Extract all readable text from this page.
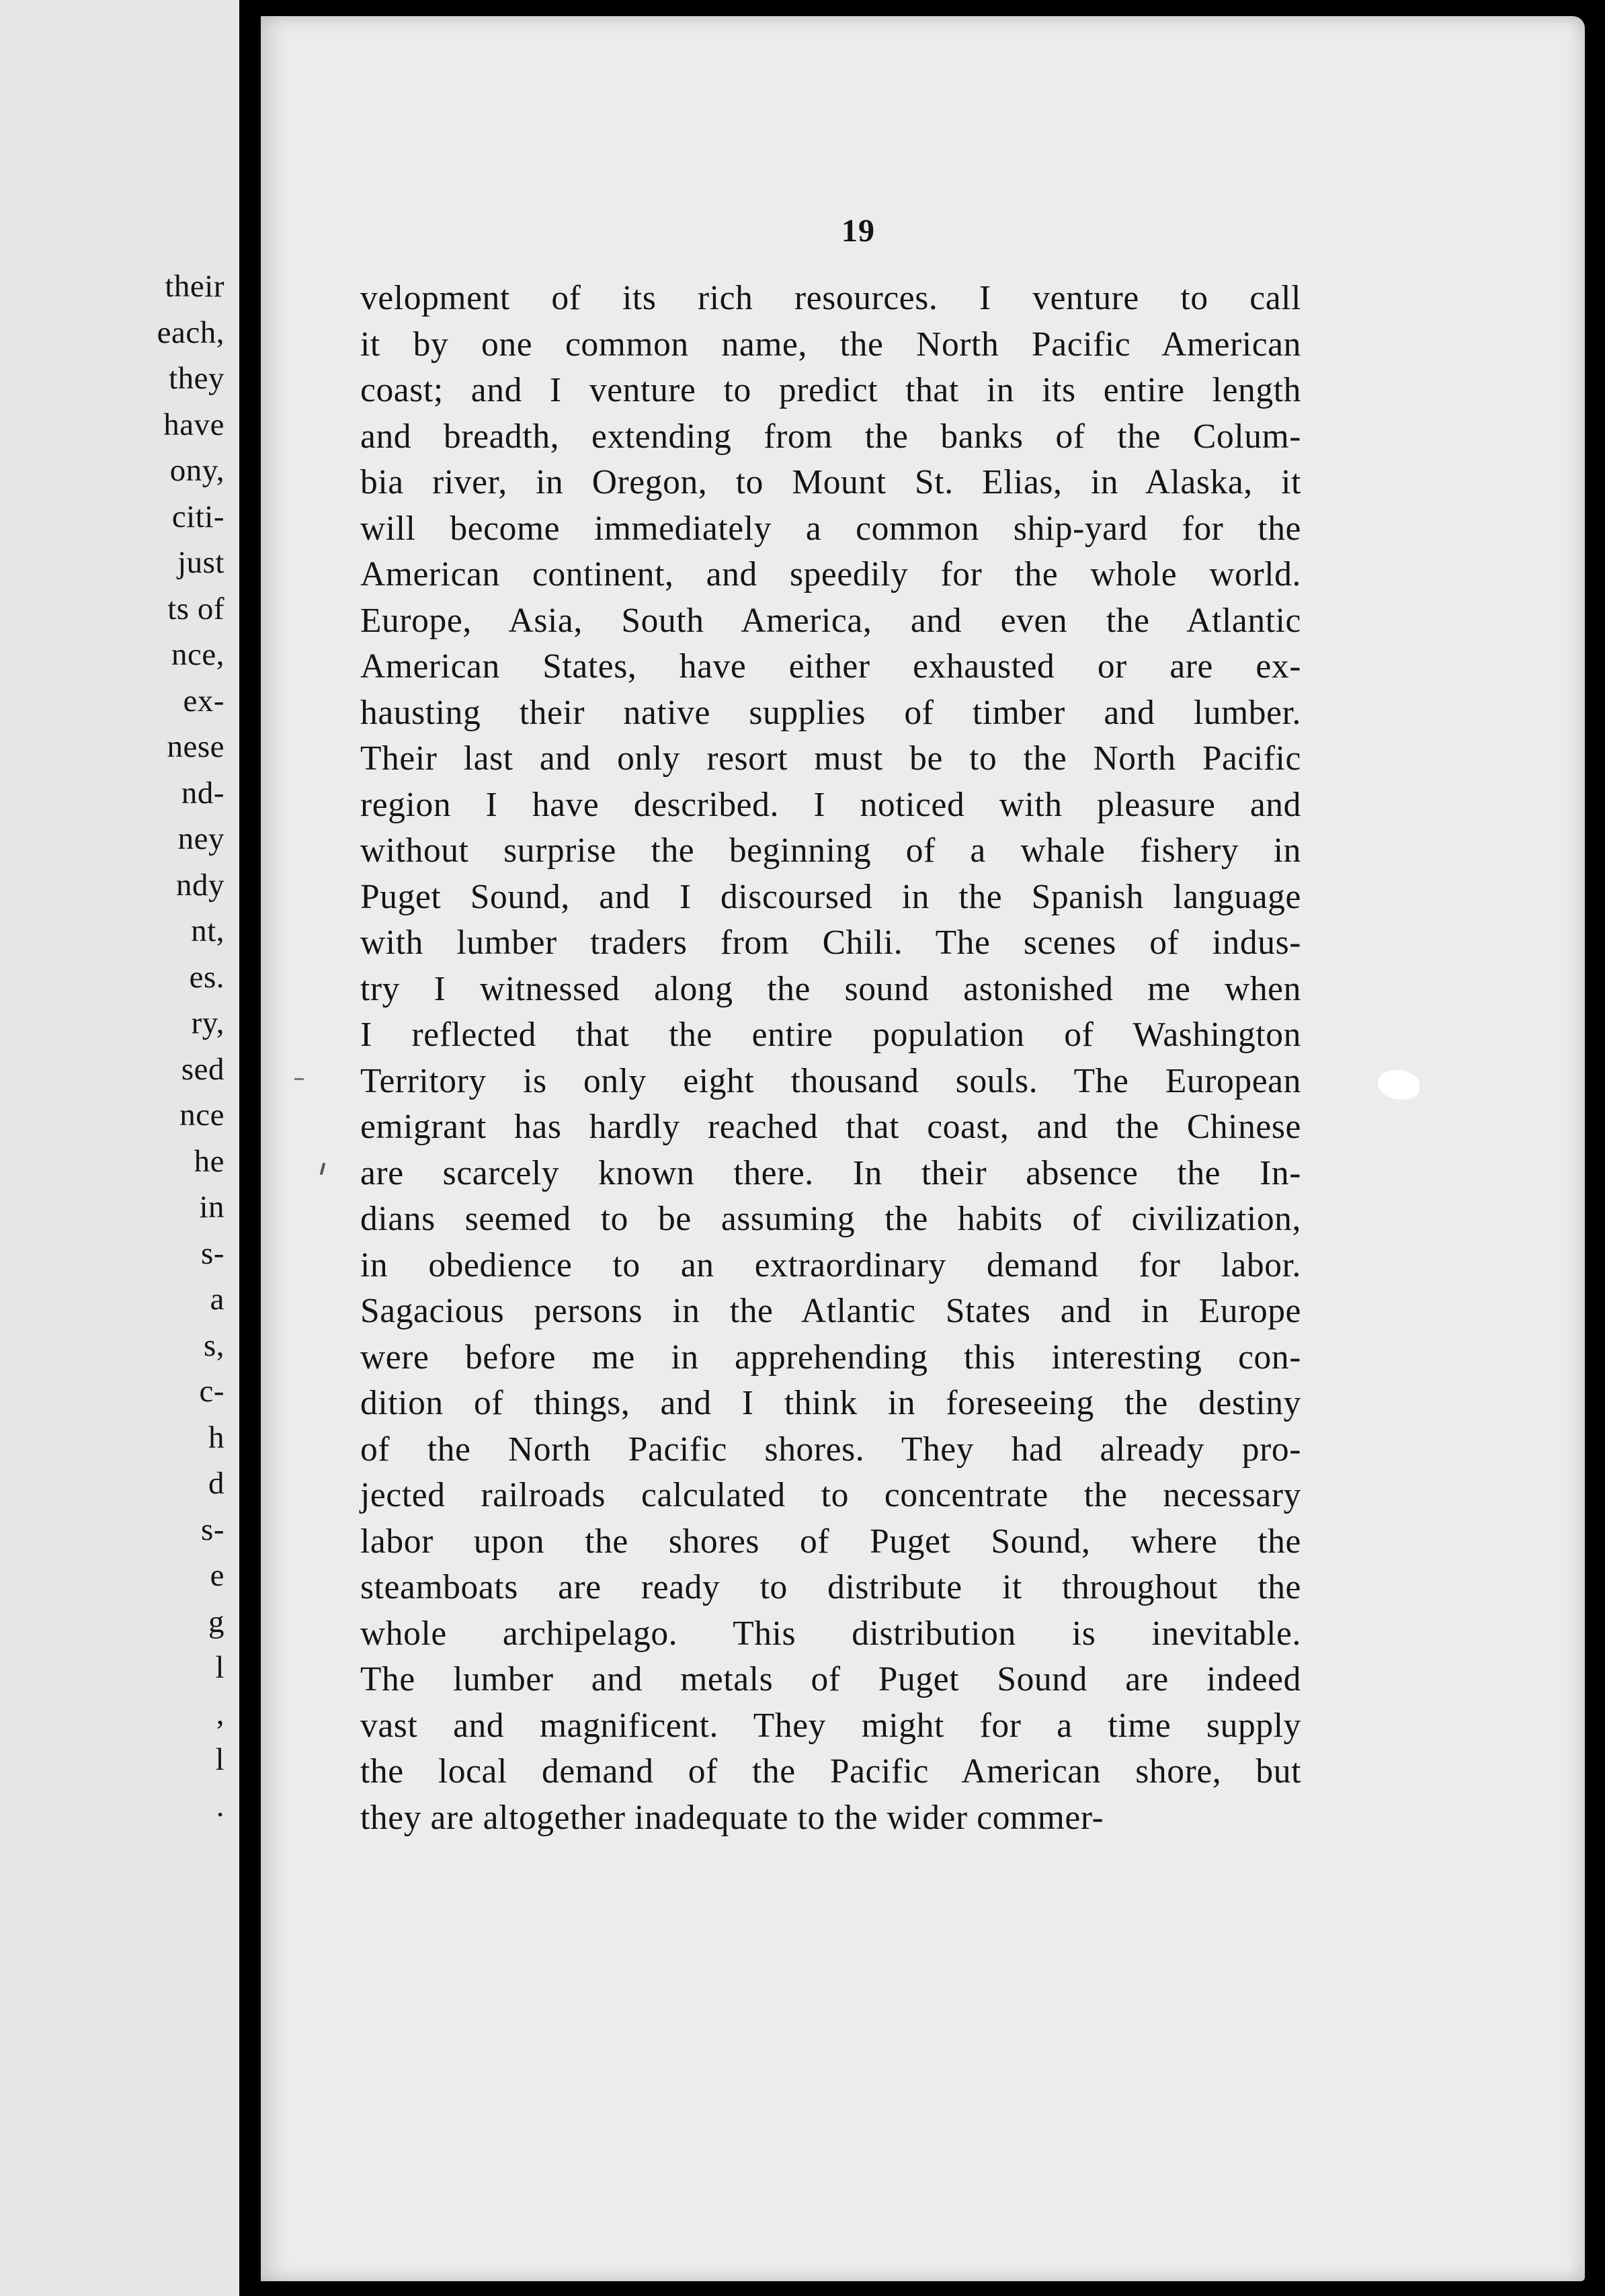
their
each,
they
have
ony,
citi-
just
ts of
nce,
ex-
nese
nd-
ney
ndy
nt,
es.
ry,
sed
nce
he
in
s-
a
s,
c-
h
d
s-
e
g
l
,
l
.
19
velopment of its rich resources. I venture to call
it by one common name, the North Pacific American
coast; and I venture to predict that in its entire length
and breadth, extending from the banks of the Colum-
bia river, in Oregon, to Mount St. Elias, in Alaska, it
will become immediately a common ship-yard for the
American continent, and speedily for the whole world.
Europe, Asia, South America, and even the Atlantic
American States, have either exhausted or are ex-
hausting their native supplies of timber and lumber.
Their last and only resort must be to the North Pacific
region I have described. I noticed with pleasure and
without surprise the beginning of a whale fishery in
Puget Sound, and I discoursed in the Spanish language
with lumber traders from Chili. The scenes of indus-
try I witnessed along the sound astonished me when
I reflected that the entire population of Washington
Territory is only eight thousand souls. The European
emigrant has hardly reached that coast, and the Chinese
are scarcely known there. In their absence the In-
dians seemed to be assuming the habits of civilization,
in obedience to an extraordinary demand for labor.
Sagacious persons in the Atlantic States and in Europe
were before me in apprehending this interesting con-
dition of things, and I think in foreseeing the destiny
of the North Pacific shores. They had already pro-
jected railroads calculated to concentrate the necessary
labor upon the shores of Puget Sound, where the
steamboats are ready to distribute it throughout the
whole archipelago. This distribution is inevitable.
The lumber and metals of Puget Sound are indeed
vast and magnificent. They might for a time supply
the local demand of the Pacific American shore, but
they are altogether inadequate to the wider commer-
